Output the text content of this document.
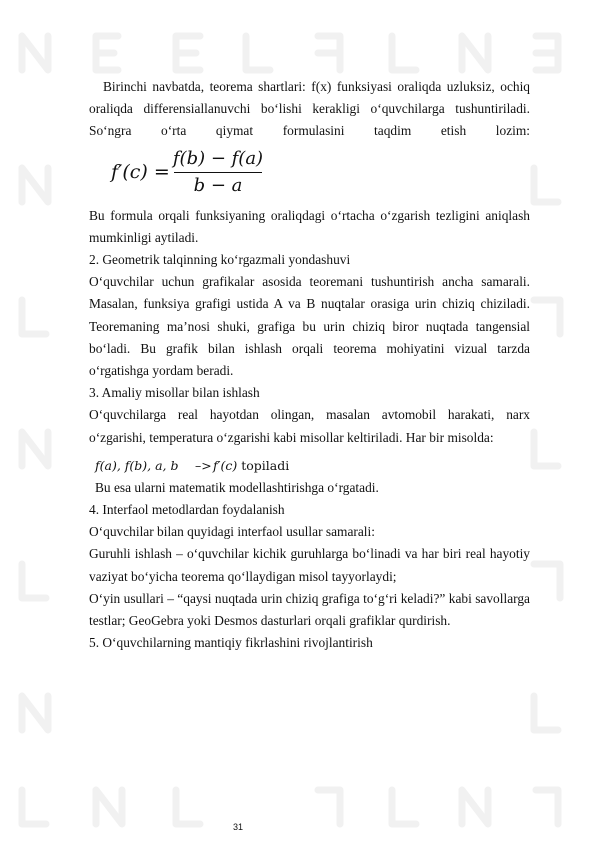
Birinchi navbatda, teorema shartlari: f(x) funksiyasi oraliqda uzluksiz, ochiq oraliqda differensiallanuvchi bo‘lishi kerakligi o‘quvchilarga tushuntiriladi. So‘ngra o‘rta qiymat formulasini taqdim etish lozim:

f′(c) =
f(b) − f(a)
b − a

Bu formula orqali funksiyaning oraliqdagi o‘rtacha o‘zgarish tezligini aniqlash mumkinligi aytiladi.

2. Geometrik talqinning ko‘rgazmali yondashuvi

O‘quvchilar uchun grafikalar asosida teoremani tushuntirish ancha samarali. Masalan, funksiya grafigi ustida A va B nuqtalar orasiga urin chiziq chiziladi. Teoremaning ma’nosi shuki, grafiga bu urin chiziq biror nuqtada tangensial bo‘ladi. Bu grafik bilan ishlash orqali teorema mohiyatini vizual tarzda o‘rgatishga yordam beradi.

3. Amaliy misollar bilan ishlash

O‘quvchilarga real hayotdan olingan, masalan avtomobil harakati, narx o‘zgarishi, temperatura o‘zgarishi kabi misollar keltiriladi. Har bir misolda:

f(a), f(b), a, b –> f′(c) topiladi

Bu esa ularni matematik modellashtirishga o‘rgatadi.

4. Interfaol metodlardan foydalanish

O‘quvchilar bilan quyidagi interfaol usullar samarali:

Guruhli ishlash – o‘quvchilar kichik guruhlarga bo‘linadi va har biri real hayotiy vaziyat bo‘yicha teorema qo‘llaydigan misol tayyorlaydi;

O‘yin usullari – “qaysi nuqtada urin chiziq grafiga to‘g‘ri keladi?” kabi savollarga testlar; GeoGebra yoki Desmos dasturlari orqali grafiklar qurdirish.

5. O‘quvchilarning mantiqiy fikrlashini rivojlantirish

31
